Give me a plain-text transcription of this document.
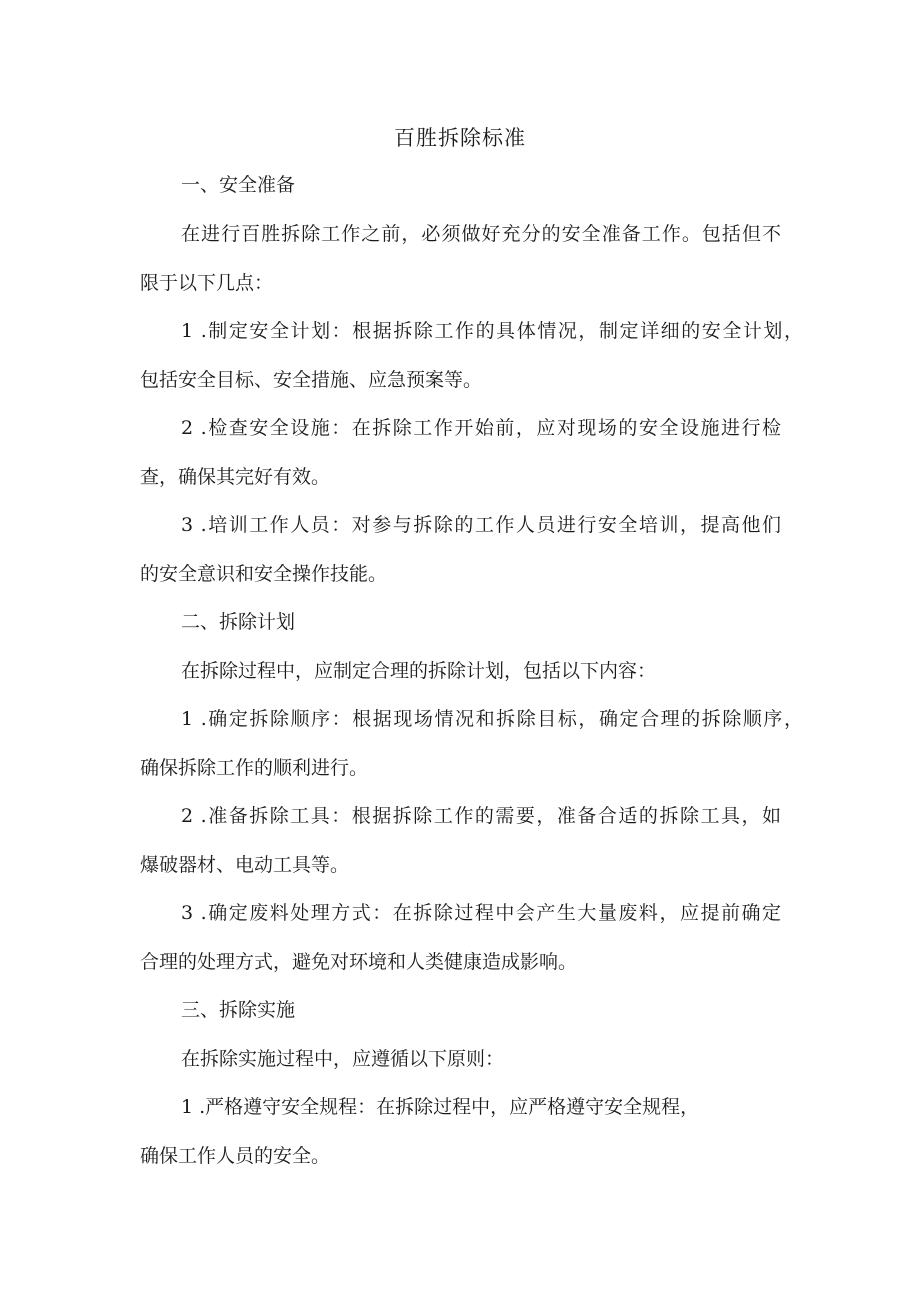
百胜拆除标准
一、安全准备
在进行百胜拆除工作之前，必须做好充分的安全准备工作。包括但不
限于以下几点：
1 .制定安全计划：根据拆除工作的具体情况，制定详细的安全计划，
包括安全目标、安全措施、应急预案等。
2 .检查安全设施：在拆除工作开始前，应对现场的安全设施进行检
查，确保其完好有效。
3 .培训工作人员：对参与拆除的工作人员进行安全培训，提高他们
的安全意识和安全操作技能。
二、拆除计划
在拆除过程中，应制定合理的拆除计划，包括以下内容：
1 .确定拆除顺序：根据现场情况和拆除目标，确定合理的拆除顺序，
确保拆除工作的顺利进行。
2 .准备拆除工具：根据拆除工作的需要，准备合适的拆除工具，如
爆破器材、电动工具等。
3 .确定废料处理方式：在拆除过程中会产生大量废料，应提前确定
合理的处理方式，避免对环境和人类健康造成影响。
三、拆除实施
在拆除实施过程中，应遵循以下原则：
1 .严格遵守安全规程：在拆除过程中，应严格遵守安全规程，
确保工作人员的安全。
